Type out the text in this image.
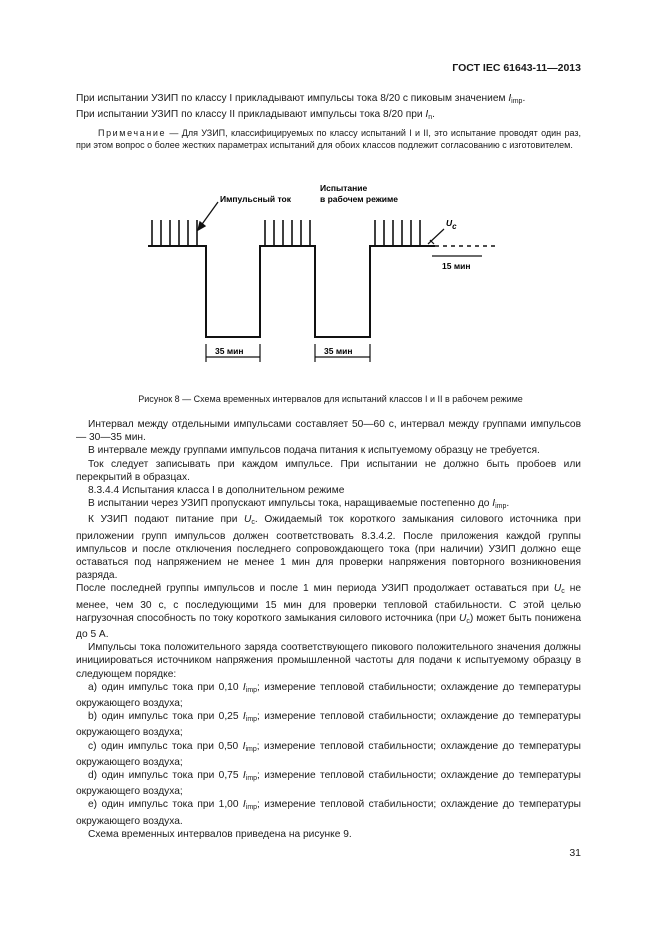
ГОСТ IEC 61643-11—2013
При испытании УЗИП по классу I прикладывают импульсы тока 8/20 с пиковым значением $I_{imp}$.
При испытании УЗИП по классу II прикладывают импульсы тока 8/20 при $I_n$.
Примечание — Для УЗИП, классифицируемых по классу испытаний I и II, это испытание проводят один раз, при этом вопрос о более жестких параметрах испытаний для обоих классов подлежит согласованию с изготовителем.
Импульсный ток
Испытание
в рабочем режиме
Uc
15 мин
35 мин	35 мин
Рисунок 8 — Схема временных интервалов для испытаний классов I и II в рабочем режиме
Интервал между отдельными импульсами составляет 50—60 с, интервал между группами импульсов — 30—35 мин.
В интервале между группами импульсов подача питания к испытуемому образцу не требуется.
Ток следует записывать при каждом импульсе. При испытании не должно быть пробоев или перекрытий в образцах.
8.3.4.4 Испытания класса I в дополнительном режиме
В испытании через УЗИП пропускают импульсы тока, наращиваемые постепенно до $I_{imp}$.
К УЗИП подают питание при $U_c$. Ожидаемый ток короткого замыкания силового источника при приложении групп импульсов должен соответствовать 8.3.4.2. После приложения каждой группы импульсов и после отключения последнего сопровождающего тока (при наличии) УЗИП должно еще оставаться под напряжением не менее 1 мин для проверки напряжения повторного возникновения разряда.
После последней группы импульсов и после 1 мин периода УЗИП продолжает оставаться при $U_c$ не менее, чем 30 с, с последующими 15 мин для проверки тепловой стабильности. С этой целью нагрузочная способность по току короткого замыкания силового источника (при $U_c$) может быть понижена до 5 А.
Импульсы тока положительного заряда соответствующего пикового положительного значения должны инициироваться источником напряжения промышленной частоты для подачи к испытуемому образцу в следующем порядке:
a) один импульс тока при 0,10 $I_{imp}$; измерение тепловой стабильности; охлаждение до температуры окружающего воздуха;
b) один импульс тока при 0,25 $I_{imp}$; измерение тепловой стабильности; охлаждение до температуры окружающего воздуха;
c) один импульс тока при 0,50 $I_{imp}$; измерение тепловой стабильности; охлаждение до температуры окружающего воздуха;
d) один импульс тока при 0,75 $I_{imp}$; измерение тепловой стабильности; охлаждение до температуры окружающего воздуха;
e) один импульс тока при 1,00 $I_{imp}$; измерение тепловой стабильности; охлаждение до температуры окружающего воздуха.
Схема временных интервалов приведена на рисунке 9.
31
